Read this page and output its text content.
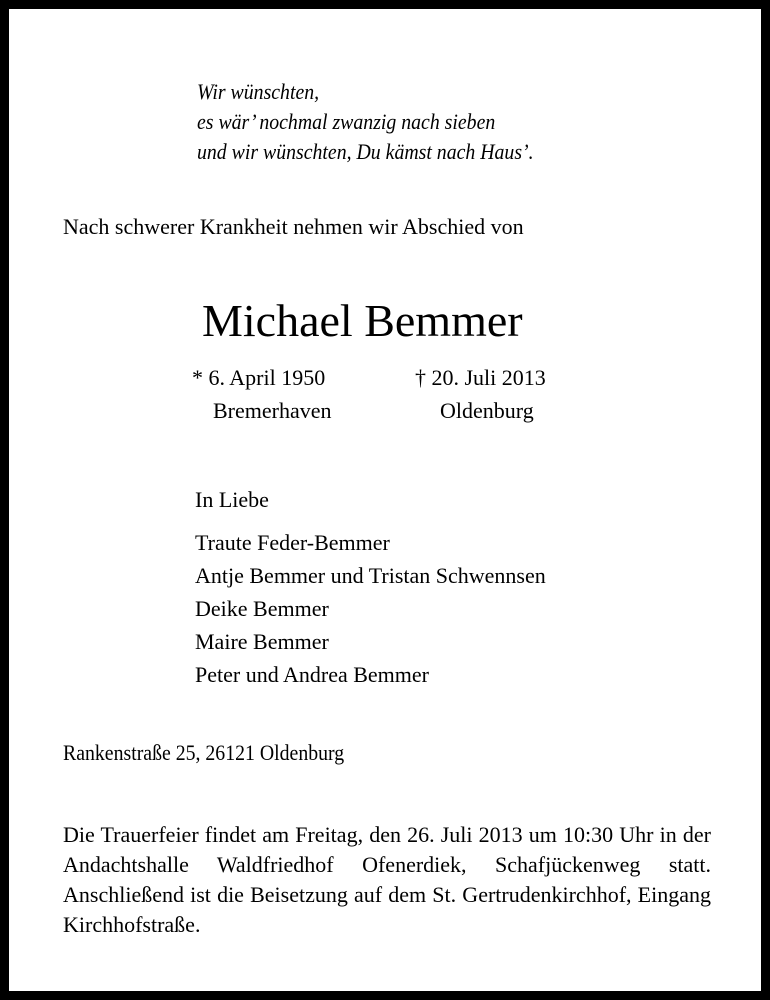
Wir wünschten,
es wär’ nochmal zwanzig nach sieben
und wir wünschten, Du kämst nach Haus’.
Nach schwerer Krankheit nehmen wir Abschied von
Michael Bemmer
* 6. April 1950
Bremerhaven
† 20. Juli 2013
Oldenburg
In Liebe
Traute Feder-Bemmer
Antje Bemmer und Tristan Schwennsen
Deike Bemmer
Maire Bemmer
Peter und Andrea Bemmer
Rankenstraße 25, 26121 Oldenburg
Die Trauerfeier findet am Freitag, den 26. Juli 2013 um 10:30 Uhr in der Andachtshalle Waldfriedhof Ofenerdiek, Schafjückenweg statt. Anschließend ist die Beisetzung auf dem St. Gertrudenkirchhof, Eingang Kirchhofstraße.
